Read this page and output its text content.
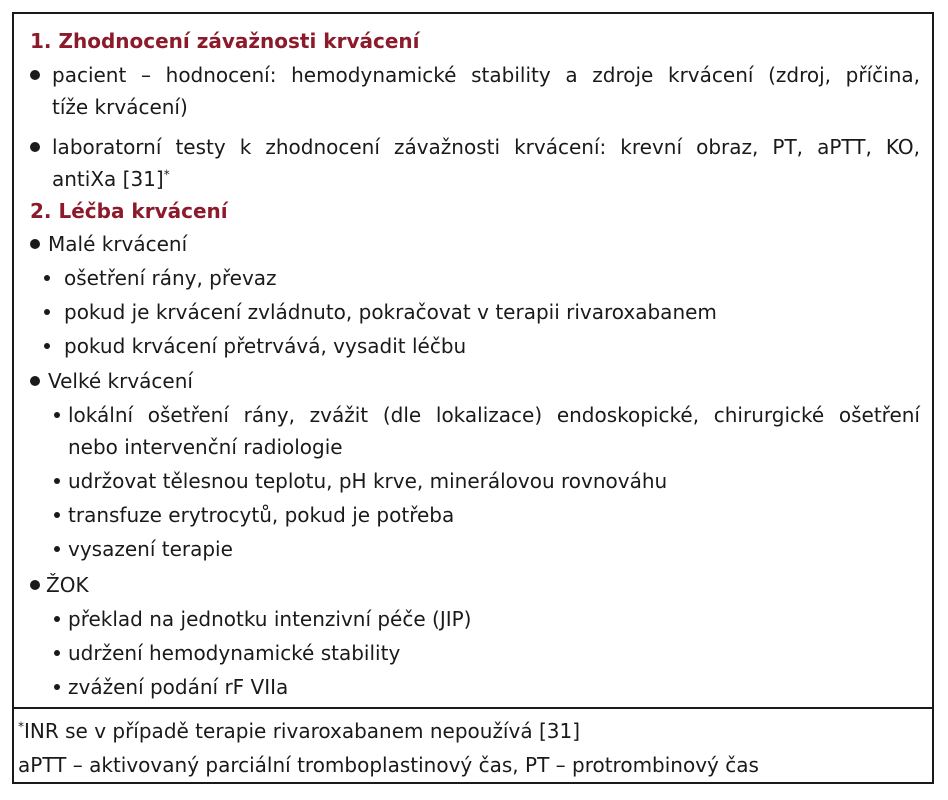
1. Zhodnocení závažnosti krvácení
pacient – hodnocení: hemodynamické stability a zdroje krvácení (zdroj, příčina,
tíže krvácení)
laboratorní testy k zhodnocení závažnosti krvácení: krevní obraz, PT, aPTT, KO,
antiXa [31]*
2. Léčba krvácení
Malé krvácení
ošetření rány, převaz
pokud je krvácení zvládnuto, pokračovat v terapii rivaroxabanem
pokud krvácení přetrvává, vysadit léčbu
Velké krvácení
lokální ošetření rány, zvážit (dle lokalizace) endoskopické, chirurgické ošetření
nebo intervenční radiologie
udržovat tělesnou teplotu, pH krve, minerálovou rovnováhu
transfuze erytrocytů, pokud je potřeba
vysazení terapie
ŽOK
překlad na jednotku intenzivní péče (JIP)
udržení hemodynamické stability
zvážení podání rF VIIa
*INR se v případě terapie rivaroxabanem nepoužívá [31]
aPTT – aktivovaný parciální tromboplastinový čas, PT – protrombinový čas
